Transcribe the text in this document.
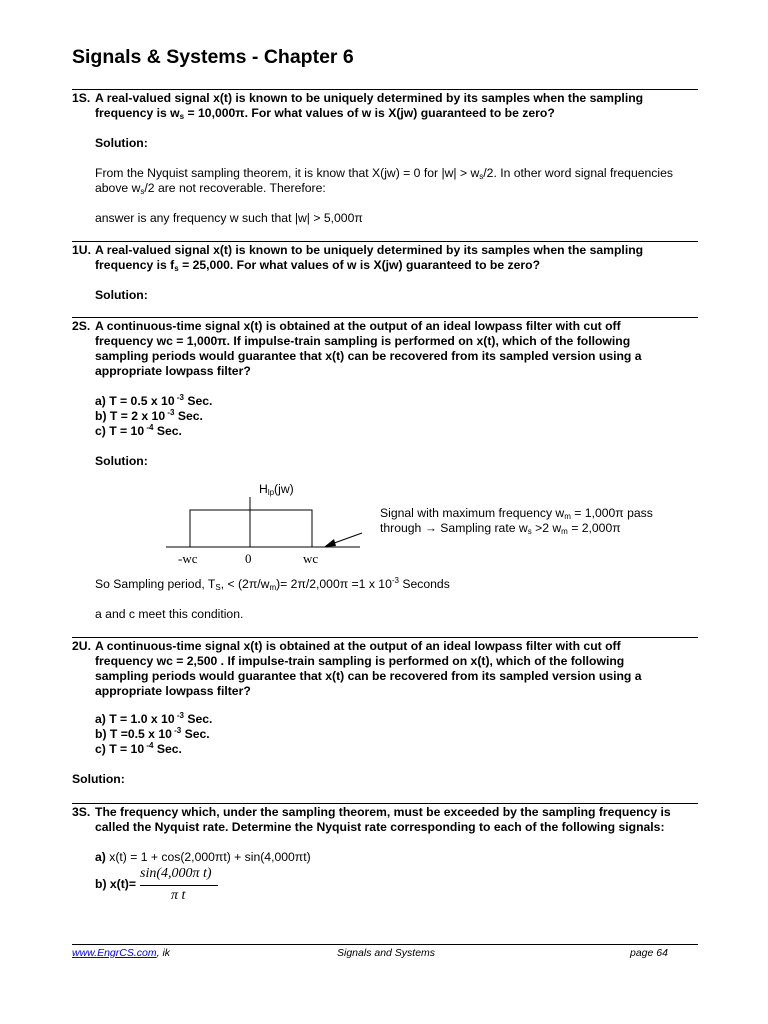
Signals & Systems - Chapter 6
1S. A real-valued signal x(t) is known to be uniquely determined by its samples when the sampling
frequency is $w_s = 10,000\pi$. For what values of w is X(jw) guaranteed to be zero?
Solution:
From the Nyquist sampling theorem, it is know that X(jw) = 0 for $|w| > w_s/2$. In other word signal frequencies
above $w_s/2$ are not recoverable. Therefore:
answer is any frequency w such that |w| > 5,000π
1U. A real-valued signal x(t) is known to be uniquely determined by its samples when the sampling
frequency is $f_s = 25,000$. For what values of w is X(jw) guaranteed to be zero?
Solution:
2S. A continuous-time signal x(t) is obtained at the output of an ideal lowpass filter with cut off
frequency wc = 1,000π. If impulse-train sampling is performed on x(t), which of the following
sampling periods would guarantee that x(t) can be recovered from its sampled version using a
appropriate lowpass filter?
a) T = 0.5 x 10 $^{-3}$ Sec.
b) T = 2 x 10 $^{-3}$ Sec.
c) T = 10 $^{-4}$ Sec.
Solution:
$H_{lp}(jw)$
-wc	0	wc
Signal with maximum frequency $w_m = 1,000\pi$ pass
through → Sampling rate $w_s >2$ $w_m = 2,000\pi$
So Sampling period, $T_S$, < $(2\pi/w_m)= 2\pi/2,000\pi =1$ x $10^{-3}$ Seconds
a and c meet this condition.
2U. A continuous-time signal x(t) is obtained at the output of an ideal lowpass filter with cut off
frequency wc = 2,500 . If impulse-train sampling is performed on x(t), which of the following
sampling periods would guarantee that x(t) can be recovered from its sampled version using a
appropriate lowpass filter?
a) T = 1.0 x 10 $^{-3}$ Sec.
b) T =0.5 x 10 $^{-3}$ Sec.
c) T = 10 $^{-4}$ Sec.
Solution:
3S. The frequency which, under the sampling theorem, must be exceeded by the sampling frequency is
called the Nyquist rate. Determine the Nyquist rate corresponding to each of the following signals:
a) x(t) = 1 + cos(2,000πt) + sin(4,000πt)
b) x(t)=
sin(4,000π t)
π t
www.EngrCS.com, ik	Signals and Systems	page 64
